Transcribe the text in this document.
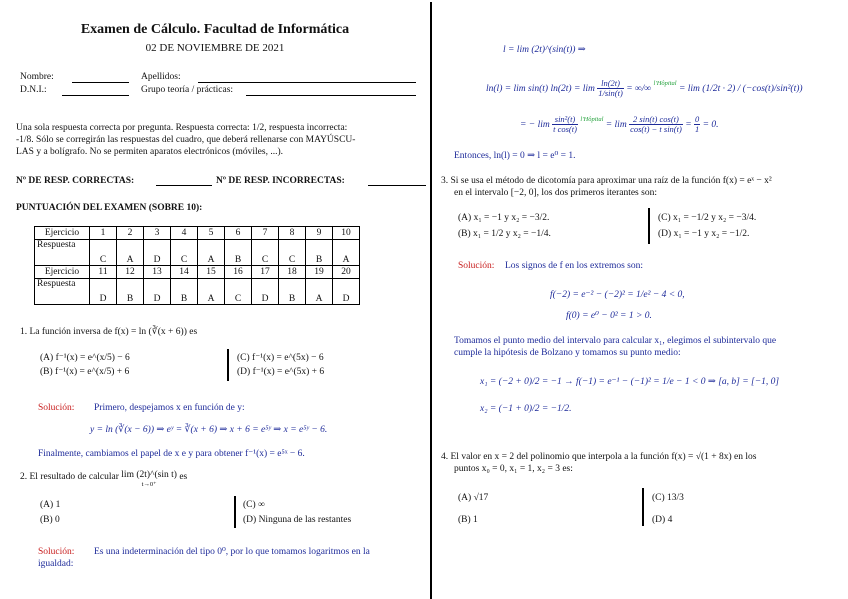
Examen de Cálculo. Facultad de Informática
02 DE NOVIEMBRE DE 2021
Nombre:	Apellidos:
D.N.I.:	Grupo teoría / prácticas:
Una sola respuesta correcta por pregunta. Respuesta correcta: 1/2, respuesta incorrecta:
-1/8. Sólo se corregirán las respuestas del cuadro, que deberá rellenarse con MAYÚSCU-
LAS y a bolígrafo. No se permiten aparatos electrónicos (móviles, ...).
Nº DE RESP. CORRECTAS:	Nº DE RESP. INCORRECTAS:
PUNTUACIÓN DEL EXAMEN (SOBRE 10):
Ejercicio	1	2	3	4	5	6	7	8	9	10
Respuesta	C	A	D	C	A	B	C	C	B	A
Ejercicio	11	12	13	14	15	16	17	18	19	20
Respuesta	D	B	D	B	A	C	D	B	A	D
1. La función inversa de f(x) = ln (∛(x + 6)) es
(A) f⁻¹(x) = e^(x/5) − 6
(B) f⁻¹(x) = e^(x/5) + 6
(C) f⁻¹(x) = e^(5x) − 6
(D) f⁻¹(x) = e^(5x) + 6
Solución: Primero, despejamos x en función de y:
y = ln (∛(x − 6)) ⇒ eʸ = ∛(x + 6) ⇒ x + 6 = e⁵ʸ ⇒ x = e⁵ʸ − 6.
Finalmente, cambiamos el papel de x e y para obtener f⁻¹(x) = e⁵ˣ − 6.
2. El resultado de calcular lim (2t)^(sin t)
t→0⁺ es
(A) 1
(B) 0
(C) ∞
(D) Ninguna de las restantes
Solución: Es una indeterminación del tipo 0⁰, por lo que tomamos logaritmos en la
igualdad:
l = lim (2t)^(sin(t)) ⇒
ln(l) = lim sin(t) $\ln(2t) = \lim \frac{\ln(2t)}{1/\sin(t)}$ = ∞/∞ $^{l'Hôpital}$ = lim (1/2t · 2) / (−cos(t)/sin²(t))
= − $\lim \frac{\text{sin²(t)}}{\text{t cos(t)}} ^{l'Hôpital} = \lim \frac{2 \sin(t) \cos(t)}{\text{cos(t) − t sin(t)}} = \frac{0}{1} = 0$.
Entonces, ln(l) = 0 ⇒ l = e⁰ = 1.
3. Si se usa el método de dicotomía para aproximar una raíz de la función f(x) = eˣ − x²
en el intervalo [−2, 0], los dos primeros iterantes son:
(A) x₁ = −1 y x₂ = −3/2.
(B) x₁ = 1/2 y x₂ = −1/4.
(C) x₁ = −1/2 y x₂ = −3/4.
(D) x₁ = −1 y x₂ = −1/2.
Solución: Los signos de f en los extremos son:
f(−2) = e⁻² − (−2)² = 1/e² − 4 < 0,
f(0) = e⁰ − 0² = 1 > 0.
Tomamos el punto medio del intervalo para calcular x₁, elegimos el subintervalo que
cumple la hipótesis de Bolzano y tomamos su punto medio:
x₁ = (−2 + 0)/2 = −1 → f(−1) = e⁻¹ − (−1)² = 1/e − 1 < 0 ⇒ [a, b] = [−1, 0]
x₂ = (−1 + 0)/2 = −1/2.
4. El valor en x = 2 del polinomio que interpola a la función f(x) = √(1 + 8x) en los
puntos x₀ = 0, x₁ = 1, x₂ = 3 es:
(A) √17
(B) 1
(C) 13/3
(D) 4
